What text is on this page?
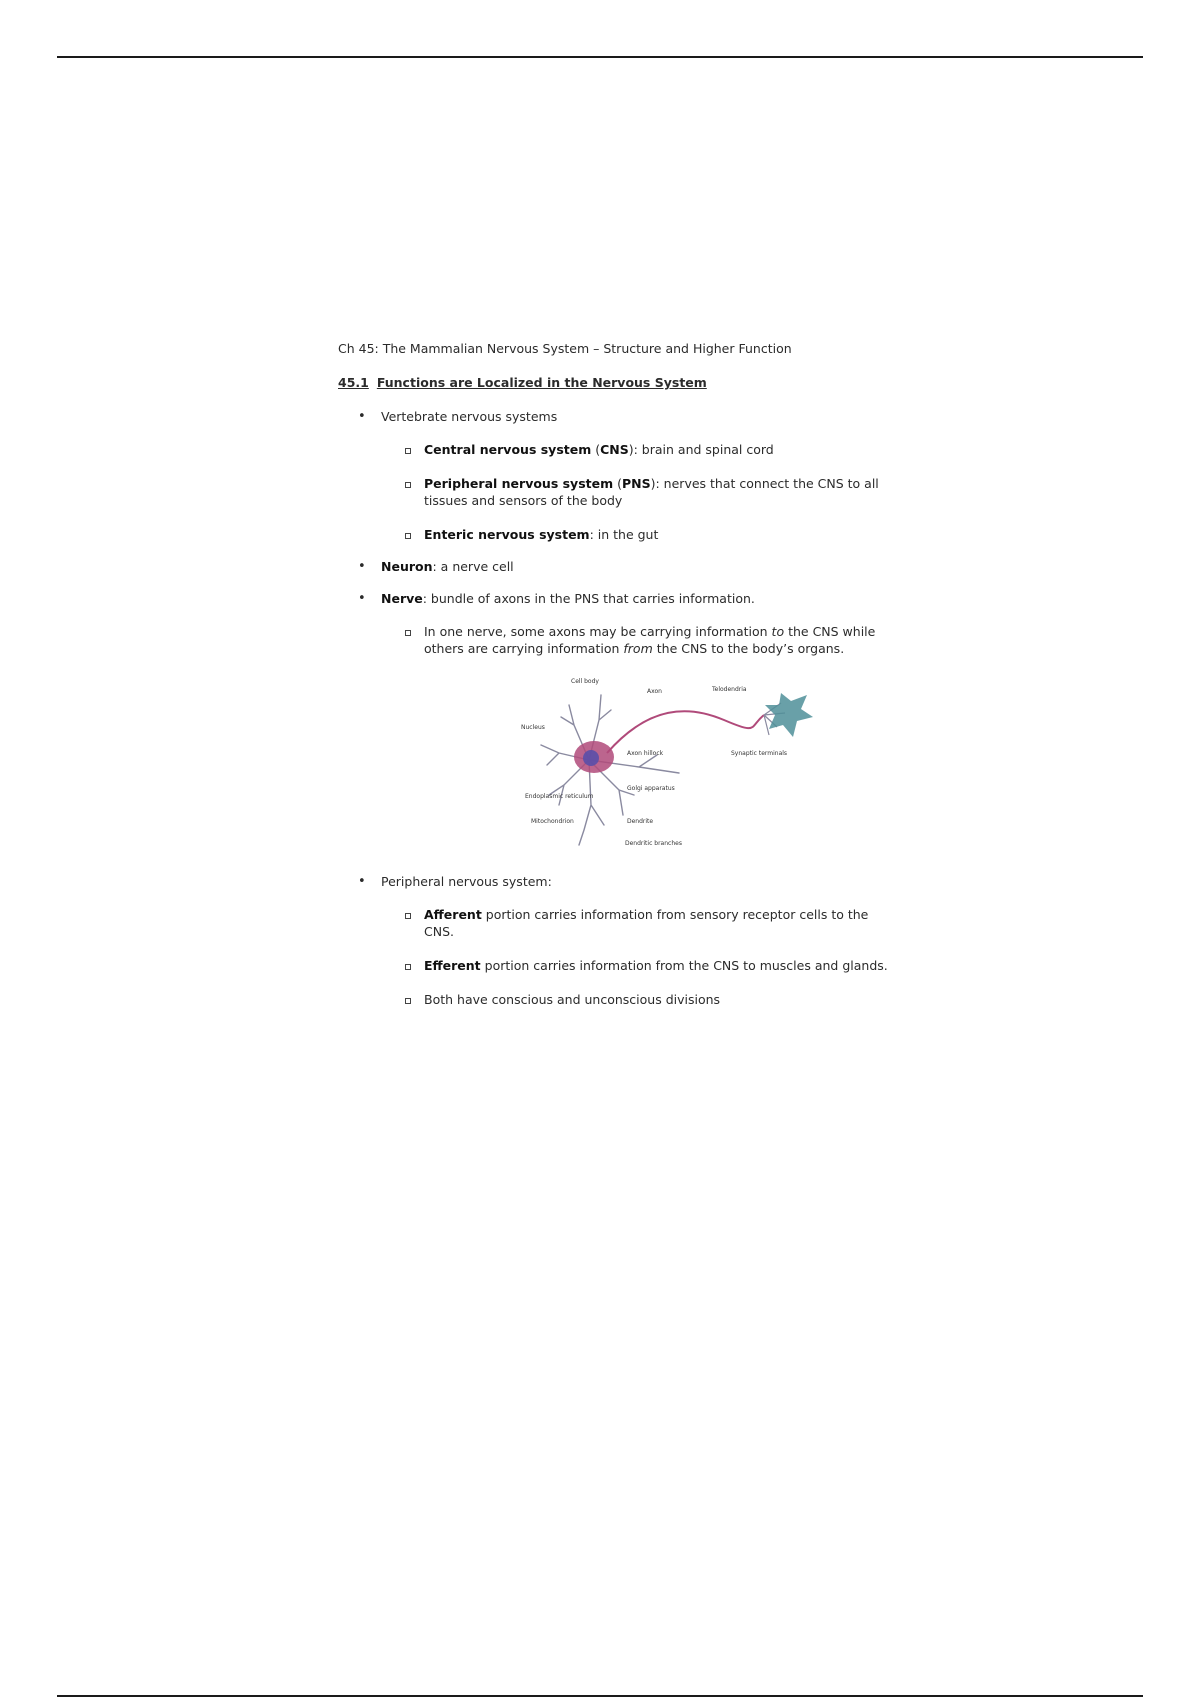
Ch 45: The Mammalian Nervous System – Structure and Higher Function
45.1 Functions are Localized in the Nervous System
• Vertebrate nervous systems
Central nervous system (CNS): brain and spinal cord
Peripheral nervous system (PNS): nerves that connect the CNS to all tissues and sensors of the body
Enteric nervous system: in the gut
• Neuron: a nerve cell
• Nerve: bundle of axons in the PNS that carries information.
In one nerve, some axons may be carrying information to the CNS while others are carrying information from the CNS to the body’s organs.
Cell body
Axon	Telodendria
Nucleus
Axon hillock	Synaptic terminals
Golgi apparatus
Endoplasmic reticulum
Mitochondrion	Dendrite
Dendritic branches
• Peripheral nervous system:
Afferent portion carries information from sensory receptor cells to the CNS.
Efferent portion carries information from the CNS to muscles and glands.
Both have conscious and unconscious divisions
